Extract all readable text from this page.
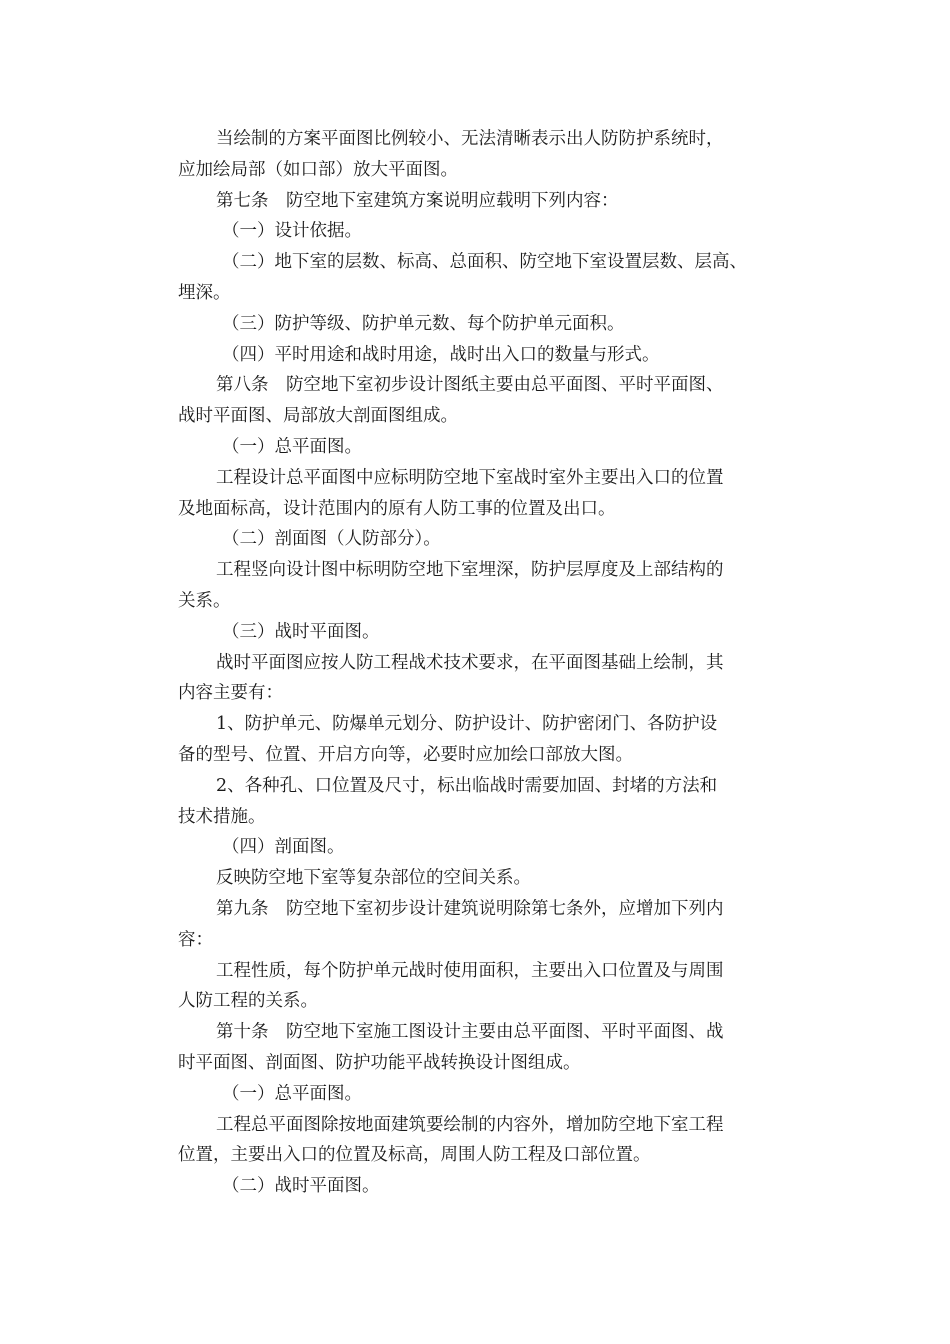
当绘制的方案平面图比例较小、无法清晰表示出人防防护系统时，
应加绘局部（如口部）放大平面图。

第七条　防空地下室建筑方案说明应载明下列内容：

（一）设计依据。

（二）地下室的层数、标高、总面积、防空地下室设置层数、层高、
埋深。

（三）防护等级、防护单元数、每个防护单元面积。

（四）平时用途和战时用途，战时出入口的数量与形式。

第八条　防空地下室初步设计图纸主要由总平面图、平时平面图、
战时平面图、局部放大剖面图组成。

（一）总平面图。

工程设计总平面图中应标明防空地下室战时室外主要出入口的位置
及地面标高，设计范围内的原有人防工事的位置及出口。

（二）剖面图（人防部分）。

工程竖向设计图中标明防空地下室埋深，防护层厚度及上部结构的
关系。

（三）战时平面图。

战时平面图应按人防工程战术技术要求，在平面图基础上绘制，其
内容主要有：

1、防护单元、防爆单元划分、防护设计、防护密闭门、各防护设
备的型号、位置、开启方向等，必要时应加绘口部放大图。

2、各种孔、口位置及尺寸，标出临战时需要加固、封堵的方法和
技术措施。

（四）剖面图。

反映防空地下室等复杂部位的空间关系。

第九条　防空地下室初步设计建筑说明除第七条外，应增加下列内
容：

工程性质，每个防护单元战时使用面积，主要出入口位置及与周围
人防工程的关系。

第十条　防空地下室施工图设计主要由总平面图、平时平面图、战
时平面图、剖面图、防护功能平战转换设计图组成。

（一）总平面图。

工程总平面图除按地面建筑要绘制的内容外，增加防空地下室工程
位置，主要出入口的位置及标高，周围人防工程及口部位置。

（二）战时平面图。
